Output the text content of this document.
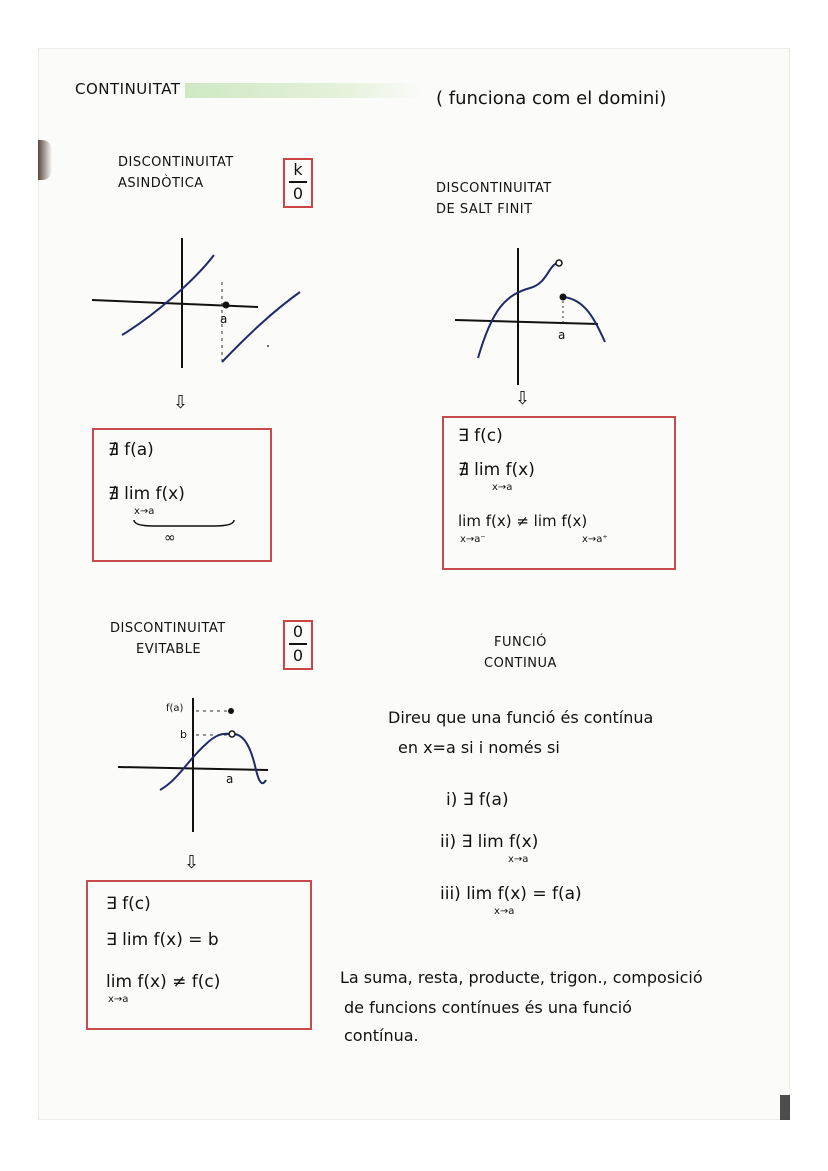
CONTINUITAT	( funciona com el domini)
DISCONTINUITAT
ASINDÒTICA
k
0
a
⇩
∄ f(a)
∄ lim f(x)
x→a
∞
DISCONTINUITAT
DE SALT FINIT
a
⇩
∃ f(c)
∄ lim f(x)
x→a
lim f(x) ≠ lim f(x)
x→a⁻	x→a⁺
DISCONTINUITAT
EVITABLE
0
0
f(a)
b
a
⇩
∃ f(c)
∃ lim f(x) = b
lim f(x) ≠ f(c)
x→a
FUNCIÓ
CONTINUA
Direu que una funció és contínua
en x=a si i només si
i) ∃ f(a)
ii) ∃ lim f(x)
x→a
iii) lim f(x) = f(a)
x→a
La suma, resta, producte, trigon., composició
de funcions contínues és una funció
contínua.
